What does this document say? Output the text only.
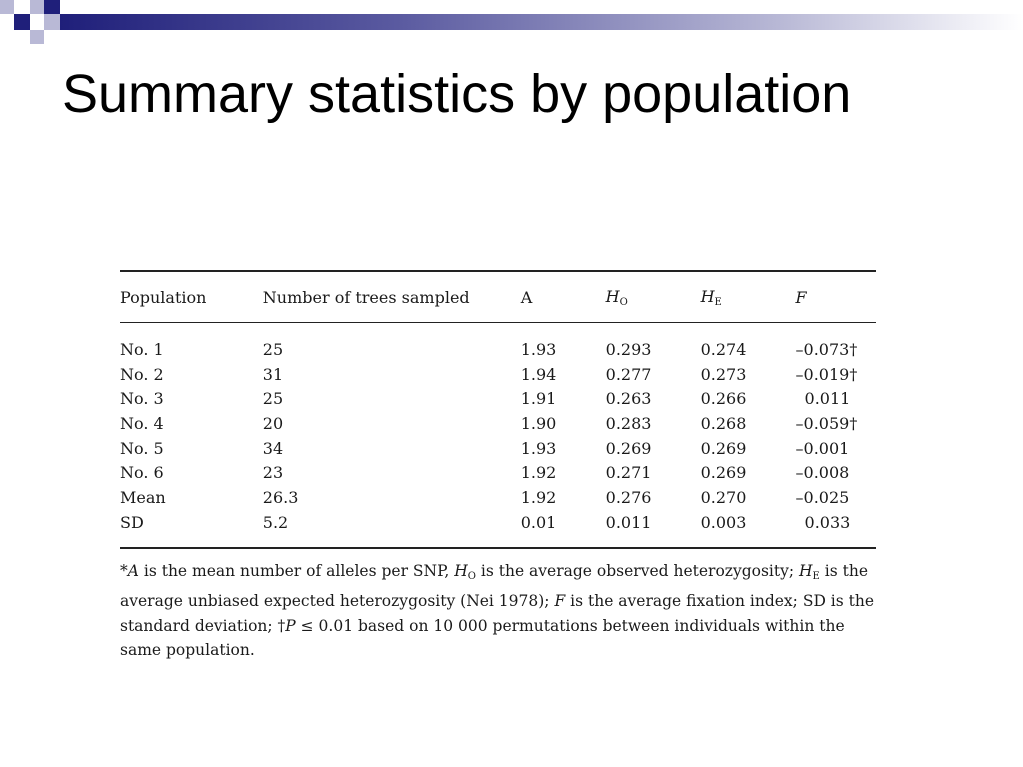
Summary statistics by population
Population	Number of trees sampled	A	$H_O$	$H_E$	F
No. 1	25	1.93	0.293	0.274	–0.073†
No. 2	31	1.94	0.277	0.273	–0.019†
No. 3	25	1.91	0.263	0.266	0.011
No. 4	20	1.90	0.283	0.268	–0.059†
No. 5	34	1.93	0.269	0.269	–0.001
No. 6	23	1.92	0.271	0.269	–0.008
Mean	26.3	1.92	0.276	0.270	–0.025
SD	5.2	0.01	0.011	0.003	0.033
*A is the mean number of alleles per SNP, $H_O$ is the average observed heterozygosity; $H_E$ is the average unbiased expected heterozygosity (Nei 1978); F is the average fixation index; SD is the standard deviation; †P ≤ 0.01 based on 10 000 permutations between individuals within the same population.
